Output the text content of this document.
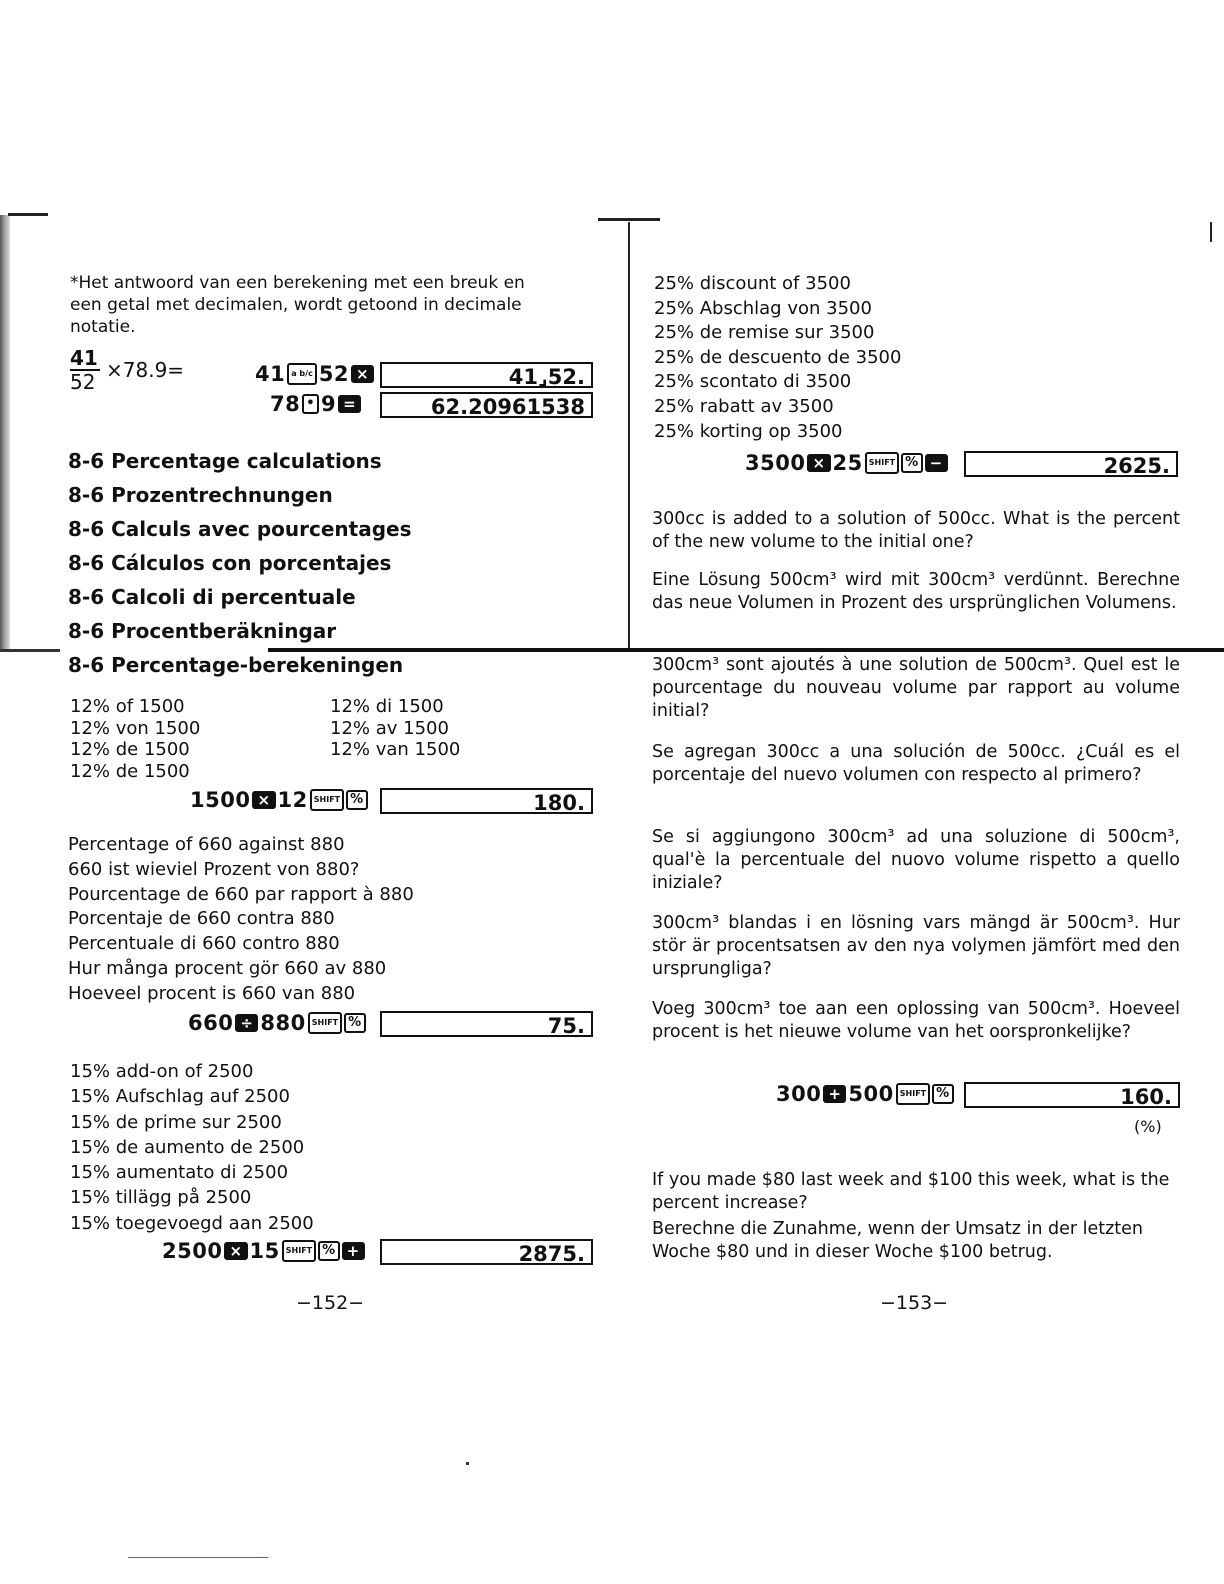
*Het antwoord van een berekening met een breuk en
een getal met decimalen, wordt getoond in decimale
notatie.
$\frac{41}{52} \times 78.9=$	41 a b/c 52 ×	41⌟52.
78 • 9 =	62.20961538
8-6 Percentage calculations
8-6 Prozentrechnungen
8-6 Calculs avec pourcentages
8-6 Cálculos con porcentajes
8-6 Calcoli di percentuale
8-6 Procentberäkningar
8-6 Percentage-berekeningen
12% of 1500
12% von 1500
12% de 1500
12% de 1500
12% di 1500
12% av 1500
12% van 1500
1500 × 12 SHIFT %	180.
Percentage of 660 against 880
660 ist wieviel Prozent von 880?
Pourcentage de 660 par rapport à 880
Porcentaje de 660 contra 880
Percentuale di 660 contro 880
Hur många procent gör 660 av 880
Hoeveel procent is 660 van 880
660 ÷ 880 SHIFT %	75.
15% add-on of 2500
15% Aufschlag auf 2500
15% de prime sur 2500
15% de aumento de 2500
15% aumentato di 2500
15% tillägg på 2500
15% toegevoegd aan 2500
2500 × 15 SHIFT % +	2875.
−152−
25% discount of 3500
25% Abschlag von 3500
25% de remise sur 3500
25% de descuento de 3500
25% scontato di 3500
25% rabatt av 3500
25% korting op 3500
3500 × 25 SHIFT % −	2625.
300cc is added to a solution of 500cc. What is the percent of the new volume to the initial one?
Eine Lösung 500cm³ wird mit 300cm³ verdünnt. Berechne das neue Volumen in Prozent des ursprünglichen Volumens.
300cm³ sont ajoutés à une solution de 500cm³. Quel est le pourcentage du nouveau volume par rapport au volume initial?
Se agregan 300cc a una solución de 500cc. ¿Cuál es el porcentaje del nuevo volumen con respecto al primero?
Se si aggiungono 300cm³ ad una soluzione di 500cm³, qual'è la percentuale del nuovo volume rispetto a quello iniziale?
300cm³ blandas i en lösning vars mängd är 500cm³. Hur stör är procentsatsen av den nya volymen jämfört med den ursprungliga?
Voeg 300cm³ toe aan een oplossing van 500cm³. Hoeveel procent is het nieuwe volume van het oorspronkelijke?
300 + 500 SHIFT %	160.
(%)
If you made $80 last week and $100 this week, what is the percent increase?
Berechne die Zunahme, wenn der Umsatz in der letzten Woche $80 und in dieser Woche $100 betrug.
−153−
